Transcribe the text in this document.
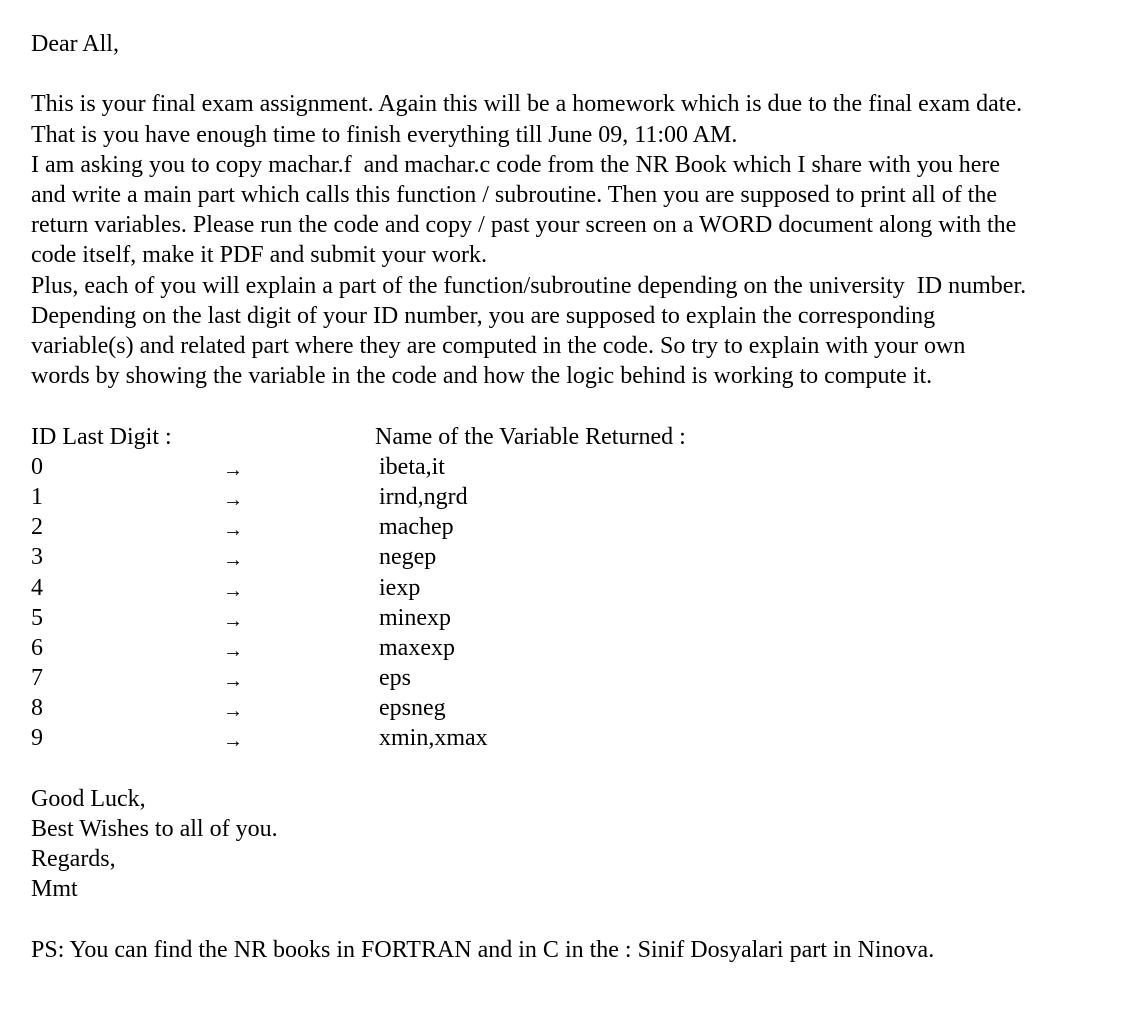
Dear All,

This is your final exam assignment. Again this will be a homework which is due to the final exam date.

That is you have enough time to finish everything till June 09, 11:00 AM.

I am asking you to copy machar.f  and machar.c code from the NR Book which I share with you here

and write a main part which calls this function / subroutine. Then you are supposed to print all of the

return variables. Please run the code and copy / past your screen on a WORD document along with the

code itself, make it PDF and submit your work.

Plus, each of you will explain a part of the function/subroutine depending on the university  ID number.

Depending on the last digit of your ID number, you are supposed to explain the corresponding

variable(s) and related part where they are computed in the code. So try to explain with your own

words by showing the variable in the code and how the logic behind is working to compute it.

ID Last Digit :	Name of the Variable Returned :
0	→	ibeta,it
1	→	irnd,ngrd
2	→	machep
3	→	negep
4	→	iexp
5	→	minexp
6	→	maxexp
7	→	eps
8	→	epsneg
9	→	xmin,xmax

Good Luck,

Best Wishes to all of you.

Regards,

Mmt

PS: You can find the NR books in FORTRAN and in C in the : Sinif Dosyalari part in Ninova.
